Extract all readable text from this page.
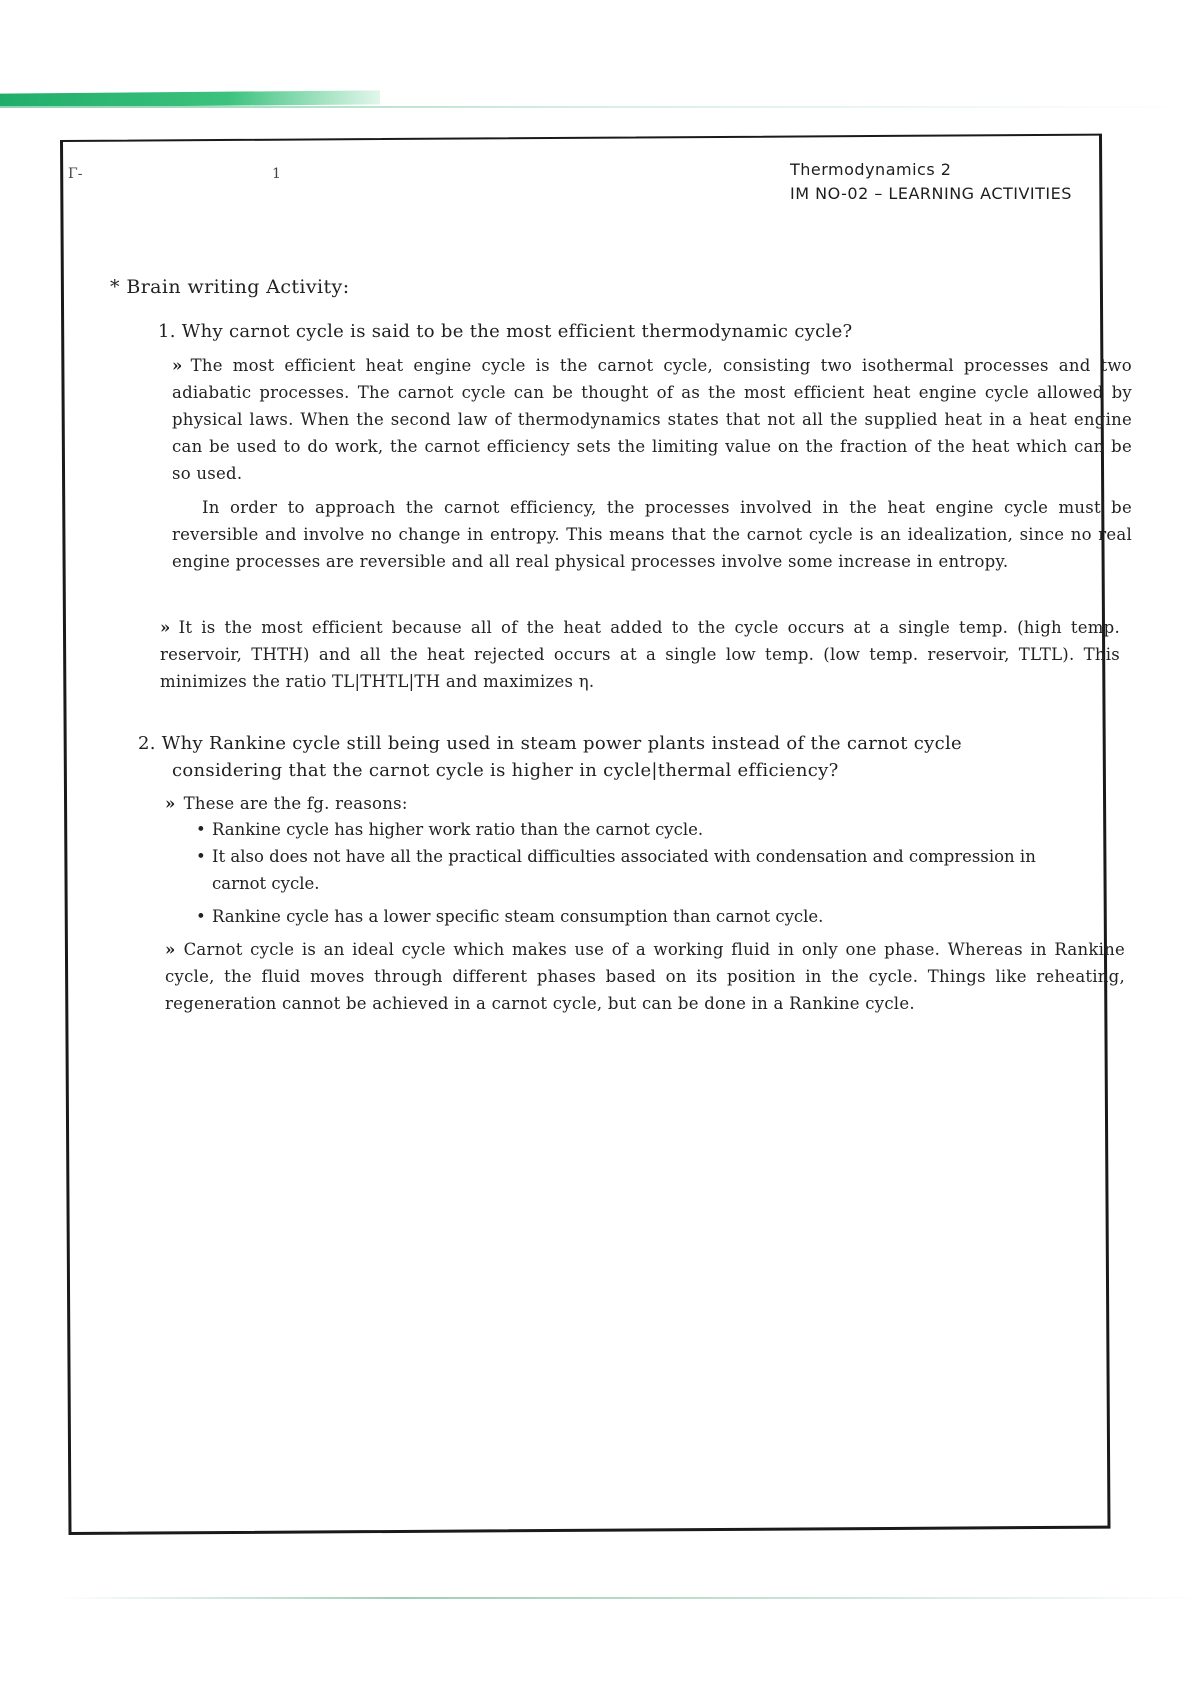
Γ-	1	Thermodynamics 2
IM NO-02 – LEARNING ACTIVITIES
* Brain writing Activity:
1. Why carnot cycle is said to be the most efficient thermodynamic cycle?
» The most efficient heat engine cycle is the carnot cycle, consisting two isothermal processes and two adiabatic processes. The carnot cycle can be thought of as the most efficient heat engine cycle allowed by physical laws. When the second law of thermodynamics states that not all the supplied heat in a heat engine can be used to do work, the carnot efficiency sets the limiting value on the fraction of the heat which can be so used.
In order to approach the carnot efficiency, the processes involved in the heat engine cycle must be reversible and involve no change in entropy. This means that the carnot cycle is an idealization, since no real engine processes are reversible and all real physical processes involve some increase in entropy.
» It is the most efficient because all of the heat added to the cycle occurs at a single temp. (high temp. reservoir, THTH) and all the heat rejected occurs at a single low temp. (low temp. reservoir, TLTL). This minimizes the ratio TL|THTL|TH and maximizes η.
2. Why Rankine cycle still being used in steam power plants instead of the carnot cycle
considering that the carnot cycle is higher in cycle|thermal efficiency?
» These are the fg. reasons:
• Rankine cycle has higher work ratio than the carnot cycle.
• It also does not have all the practical difficulties associated with condensation and compression in carnot cycle.
• Rankine cycle has a lower specific steam consumption than carnot cycle.
» Carnot cycle is an ideal cycle which makes use of a working fluid in only one phase. Whereas in Rankine cycle, the fluid moves through different phases based on its position in the cycle. Things like reheating, regeneration cannot be achieved in a carnot cycle, but can be done in a Rankine cycle.
